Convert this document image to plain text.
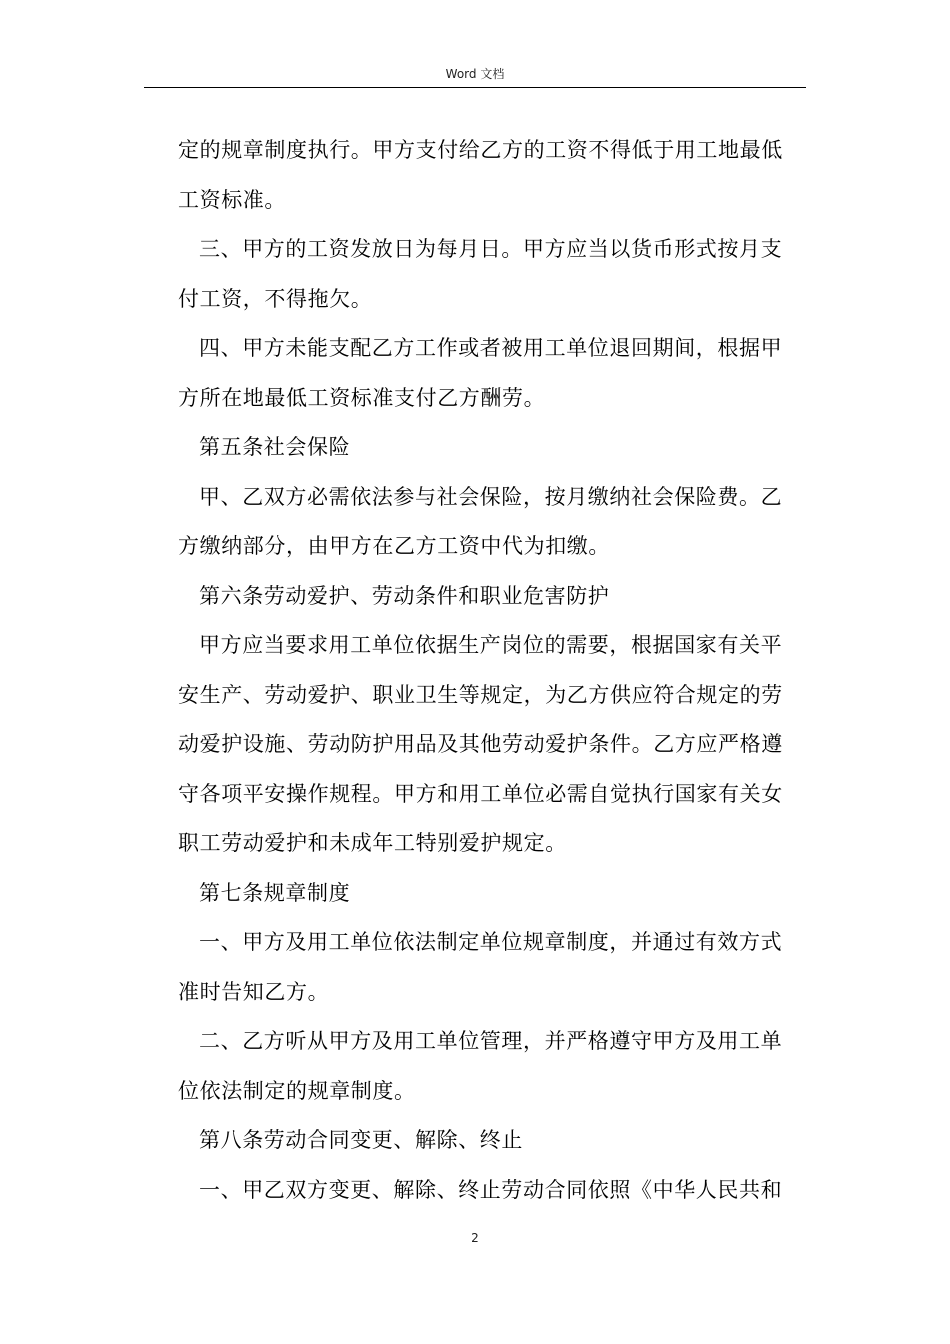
Word 文档

定的规章制度执行。甲方支付给乙方的工资不得低于用工地最低
工资标准。

三、甲方的工资发放日为每月日。甲方应当以货币形式按月支
付工资，不得拖欠。

四、甲方未能支配乙方工作或者被用工单位退回期间，根据甲
方所在地最低工资标准支付乙方酬劳。

第五条社会保险

甲、乙双方必需依法参与社会保险，按月缴纳社会保险费。乙
方缴纳部分，由甲方在乙方工资中代为扣缴。

第六条劳动爱护、劳动条件和职业危害防护

甲方应当要求用工单位依据生产岗位的需要，根据国家有关平
安生产、劳动爱护、职业卫生等规定，为乙方供应符合规定的劳
动爱护设施、劳动防护用品及其他劳动爱护条件。乙方应严格遵
守各项平安操作规程。甲方和用工单位必需自觉执行国家有关女
职工劳动爱护和未成年工特别爱护规定。

第七条规章制度

一、甲方及用工单位依法制定单位规章制度，并通过有效方式
准时告知乙方。

二、乙方听从甲方及用工单位管理，并严格遵守甲方及用工单
位依法制定的规章制度。

第八条劳动合同变更、解除、终止

一、甲乙双方变更、解除、终止劳动合同依照《中华人民共和

2
